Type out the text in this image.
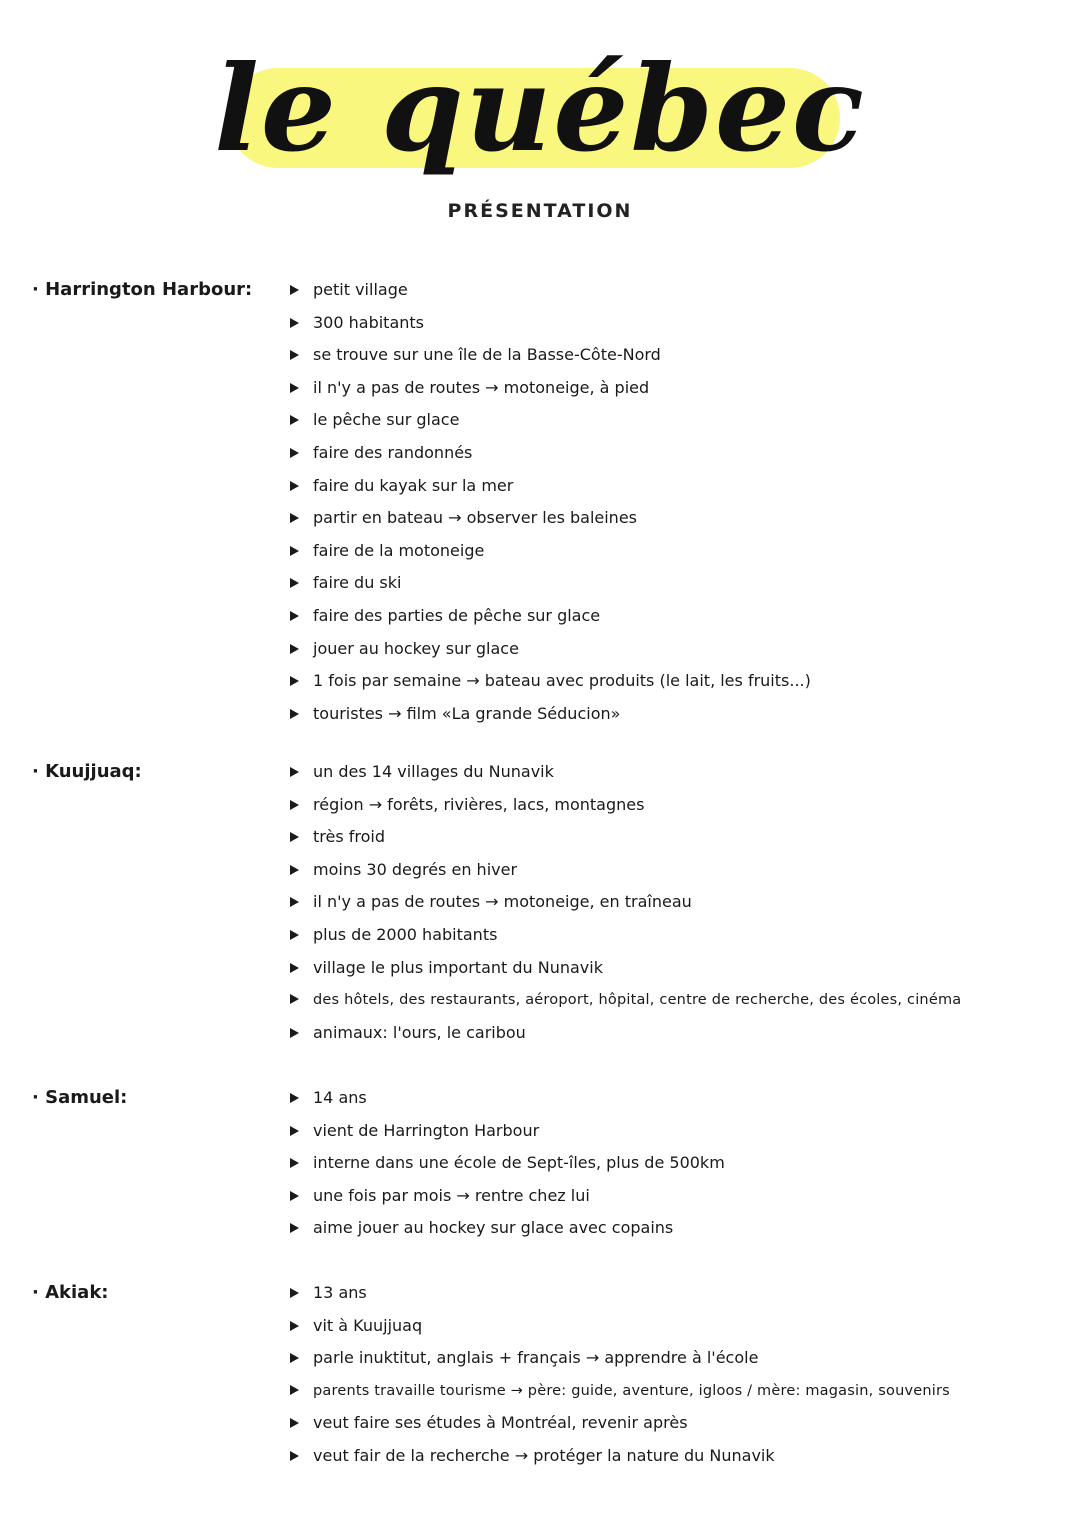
le québec
PRÉSENTATION
· Harrington Harbour:	petit village
300 habitants
se trouve sur une île de la Basse-Côte-Nord
il n'y a pas de routes → motoneige, à pied
le pêche sur glace
faire des randonnés
faire du kayak sur la mer
partir en bateau → observer les baleines
faire de la motoneige
faire du ski
faire des parties de pêche sur glace
jouer au hockey sur glace
1 fois par semaine → bateau avec produits (le lait, les fruits...)
touristes → film «La grande Séducion»
· Kuujjuaq:	un des 14 villages du Nunavik
région → forêts, rivières, lacs, montagnes
très froid
moins 30 degrés en hiver
il n'y a pas de routes → motoneige, en traîneau
plus de 2000 habitants
village le plus important du Nunavik
des hôtels, des restaurants, aéroport, hôpital, centre de recherche, des écoles, cinéma
animaux: l'ours, le caribou
· Samuel:	14 ans
vient de Harrington Harbour
interne dans une école de Sept-îles, plus de 500km
une fois par mois → rentre chez lui
aime jouer au hockey sur glace avec copains
· Akiak:	13 ans
vit à Kuujjuaq
parle inuktitut, anglais + français → apprendre à l'école
parents travaille tourisme → père: guide, aventure, igloos / mère: magasin, souvenirs
veut faire ses études à Montréal, revenir après
veut fair de la recherche → protéger la nature du Nunavik
